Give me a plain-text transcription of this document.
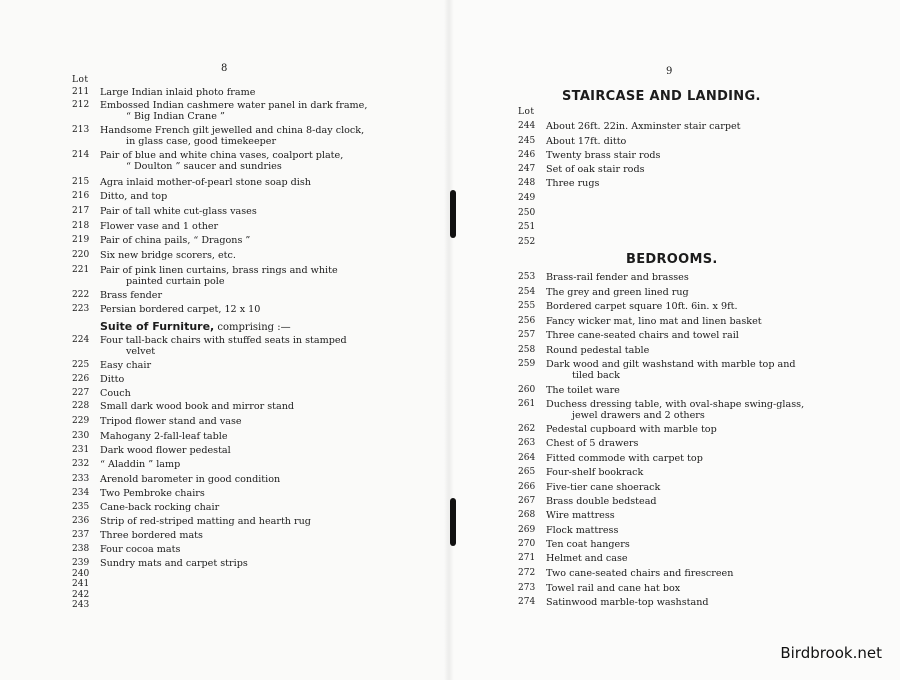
8
Lot
Suite of Furniture, comprising :—
211	Large Indian inlaid photo frame
212	Embossed Indian cashmere water panel in dark frame,
“ Big Indian Crane ”
213	Handsome French gilt jewelled and china 8-day clock,
in glass case, good timekeeper
214	Pair of blue and white china vases, coalport plate,
“ Doulton ” saucer and sundries
215	Agra inlaid mother-of-pearl stone soap dish
216	Ditto, and top
217	Pair of tall white cut-glass vases
218	Flower vase and 1 other
219	Pair of china pails, “ Dragons ”
220	Six new bridge scorers, etc.
221	Pair of pink linen curtains, brass rings and white
painted curtain pole
222	Brass fender
223	Persian bordered carpet, 12 x 10
224	Four tall-back chairs with stuffed seats in stamped
velvet
225	Easy chair
226	Ditto
227	Couch
228	Small dark wood book and mirror stand
229	Tripod flower stand and vase
230	Mahogany 2-fall-leaf table
231	Dark wood flower pedestal
232	“ Aladdin ” lamp
233	Arenold barometer in good condition
234	Two Pembroke chairs
235	Cane-back rocking chair
236	Strip of red-striped matting and hearth rug
237	Three bordered mats
238	Four cocoa mats
239	Sundry mats and carpet strips
240
241
242
243
9
STAIRCASE AND LANDING.
Lot
244	About 26ft. 22in. Axminster stair carpet
245	About 17ft. ditto
246	Twenty brass stair rods
247	Set of oak stair rods
248	Three rugs
249
250
251
252
BEDROOMS.
253	Brass-rail fender and brasses
254	The grey and green lined rug
255	Bordered carpet square 10ft. 6in. x 9ft.
256	Fancy wicker mat, lino mat and linen basket
257	Three cane-seated chairs and towel rail
258	Round pedestal table
259	Dark wood and gilt washstand with marble top and
tiled back
260	The toilet ware
261	Duchess dressing table, with oval-shape swing-glass,
jewel drawers and 2 others
262	Pedestal cupboard with marble top
263	Chest of 5 drawers
264	Fitted commode with carpet top
265	Four-shelf bookrack
266	Five-tier cane shoerack
267	Brass double bedstead
268	Wire mattress
269	Flock mattress
270	Ten coat hangers
271	Helmet and case
272	Two cane-seated chairs and firescreen
273	Towel rail and cane hat box
274	Satinwood marble-top washstand
Birdbrook.net
